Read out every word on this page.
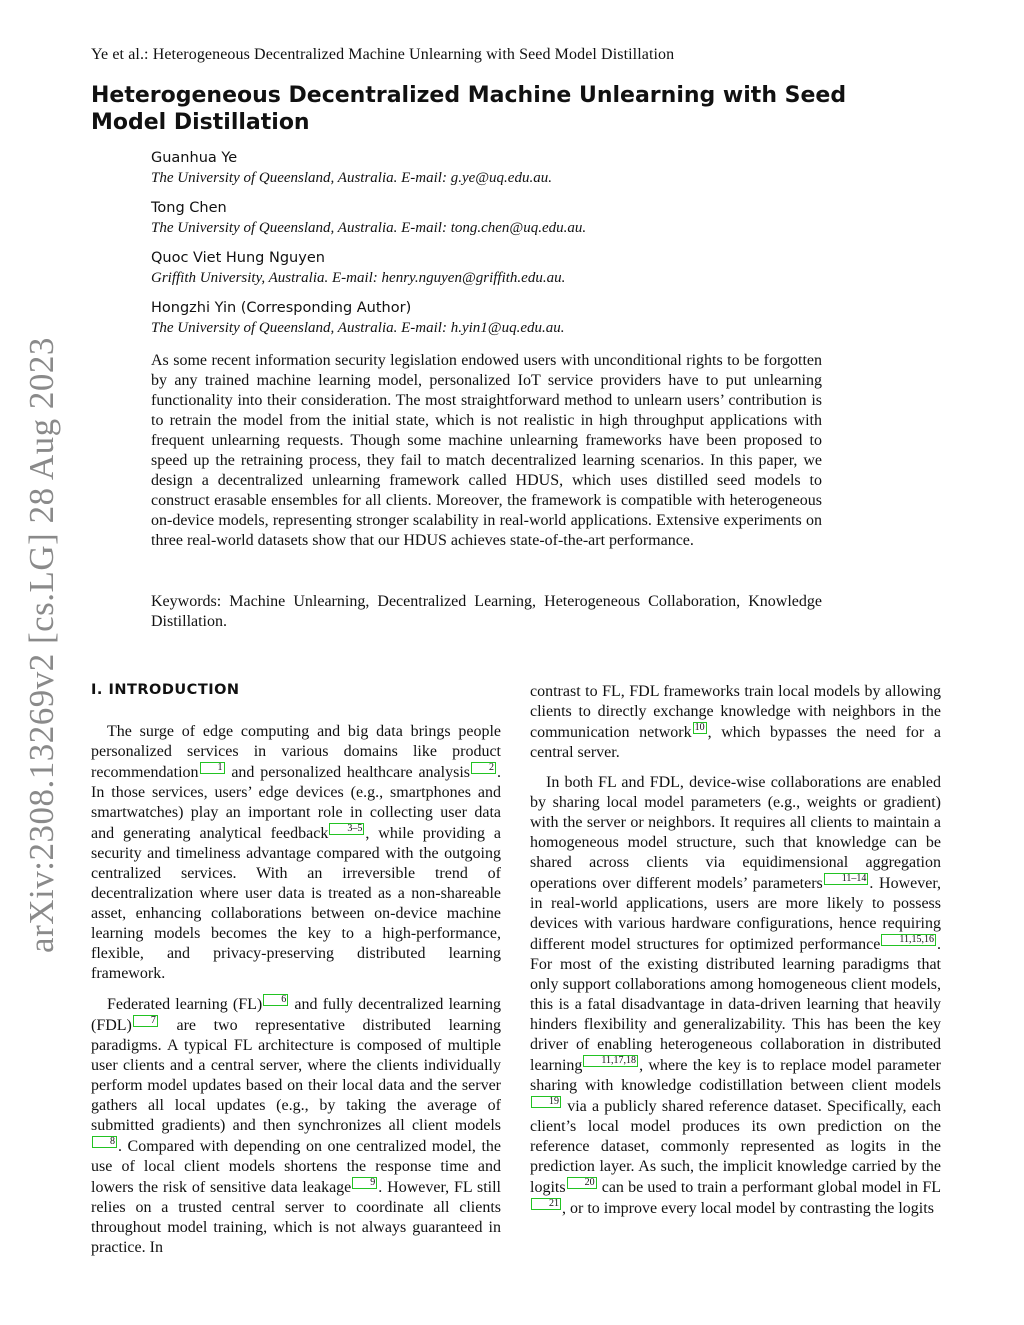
Ye et al.: Heterogeneous Decentralized Machine Unlearning with Seed Model Distillation
Heterogeneous Decentralized Machine Unlearning with Seed Model Distillation
Guanhua Ye
The University of Queensland, Australia. E-mail: g.ye@uq.edu.au.
Tong Chen
The University of Queensland, Australia. E-mail: tong.chen@uq.edu.au.
Quoc Viet Hung Nguyen
Griffith University, Australia. E-mail: henry.nguyen@griffith.edu.au.
Hongzhi Yin (Corresponding Author)
The University of Queensland, Australia. E-mail: h.yin1@uq.edu.au.
As some recent information security legislation endowed users with unconditional rights to be forgotten by any trained machine learning model, personalized IoT service providers have to put unlearning functionality into their consideration. The most straightforward method to unlearn users’ contribution is to retrain the model from the initial state, which is not realistic in high throughput applications with frequent unlearning requests. Though some machine unlearning frameworks have been proposed to speed up the retraining process, they fail to match decentralized learning scenarios. In this paper, we design a decentralized unlearning framework called HDUS, which uses distilled seed models to construct erasable ensembles for all clients. Moreover, the framework is compatible with heterogeneous on-device models, representing stronger scalability in real-world applications. Extensive experiments on three real-world datasets show that our HDUS achieves state-of-the-art performance.
Keywords: Machine Unlearning, Decentralized Learning, Heterogeneous Collaboration, Knowledge Distillation.
arXiv:2308.13269v2 [cs.LG] 28 Aug 2023 I. INTRODUCTION

The surge of edge computing and big data brings people personalized services in various domains like product recommendation 1 and personalized healthcare analysis 2 . In those services, users’ edge devices (e.g., smartphones and smartwatches) play an important role in collecting user data and generating analytical feedback 3–5 , while providing a security and timeliness advantage compared with the outgoing centralized services. With an irreversible trend of decentralization where user data is treated as a non-shareable asset, enhancing collaborations between on-device machine learning models becomes the key to a high-performance, flexible, and privacy-preserving distributed learning framework.

Federated learning (FL) 6 and fully decentralized learning (FDL) 7 are two representative distributed learning paradigms. A typical FL architecture is composed of multiple user clients and a central server, where the clients individually perform model updates based on their local data and the server gathers all local updates (e.g., by taking the average of submitted gradients) and then synchronizes all client models8 . Compared with depending on one centralized model, the use of local client models shortens the response time and lowers the risk of sensitive data leakage 9 . However, FL still relies on a trusted central server to coordinate all clients throughout model training, which is not always guaranteed in practice. In

contrast to FL, FDL frameworks train local models by allowing clients to directly exchange knowledge with neighbors in the communication network 10 , which bypasses the need for a central server.

In both FL and FDL, device-wise collaborations are enabled by sharing local model parameters (e.g., weights or gradient) with the server or neighbors. It requires all clients to maintain a homogeneous model structure, such that knowledge can be shared across clients via equidimensional aggregation operations over different models’ parameters 11–14 . However, in real-world applications, users are more likely to possess devices with various hardware configurations, hence requiring different model structures for optimized performance 11,15,16 . For most of the existing distributed learning paradigms that only support collaborations among homogeneous client models, this is a fatal disadvantage in data-driven learning that heavily hinders flexibility and generalizability. This has been the key driver of enabling heterogeneous collaboration in distributed learning 11,17,18 , where the key is to replace model parameter sharing with knowledge codistillation between client models19 via a publicly shared reference dataset. Specifically, each client’s local model produces its own prediction on the reference dataset, commonly represented as logits in the prediction layer. As such, the implicit knowledge carried by the logits 20 can be used to train a performant global model in FL21 , or to improve every local model by contrasting the logits
